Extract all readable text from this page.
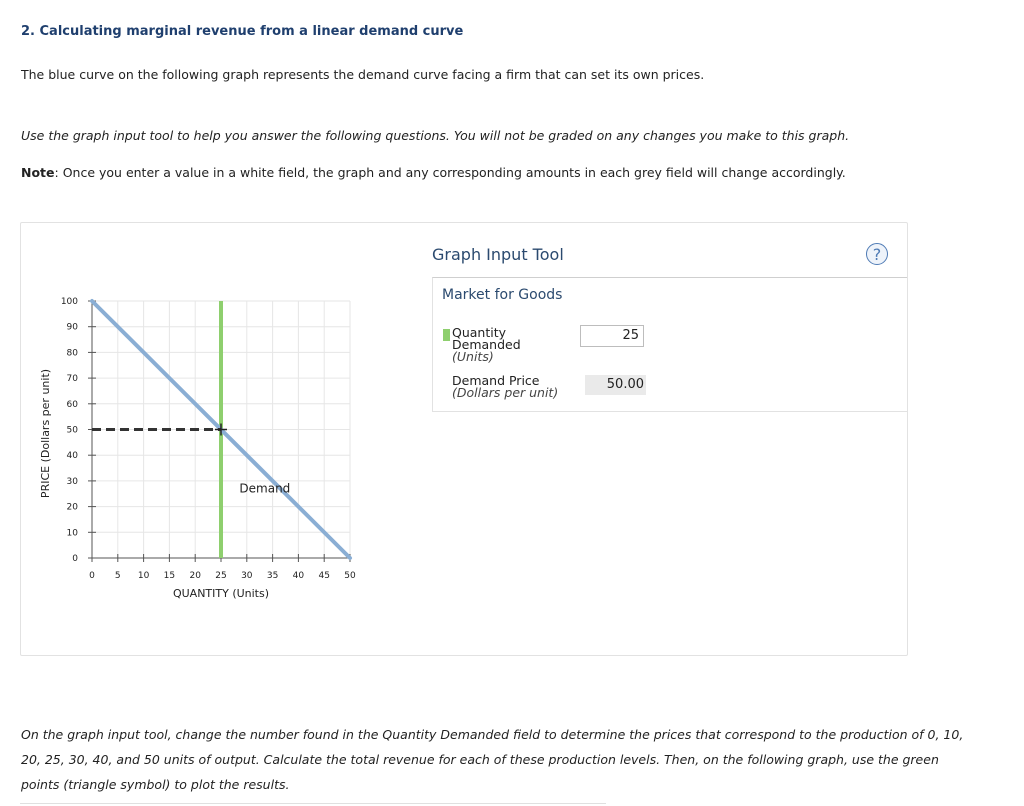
2. Calculating marginal revenue from a linear demand curve
The blue curve on the following graph represents the demand curve facing a firm that can set its own prices.
Use the graph input tool to help you answer the following questions. You will not be graded on any changes you make to this graph.
Note: Once you enter a value in a white field, the graph and any corresponding amounts in each grey field will change accordingly.
0 5 10 15 20 25 30 35 40 45 50
0
10
20
30
40
50
60
70
80
90
100
Demand
QUANTITY (Units)
PRICE (Dollars per unit)
Graph Input Tool	?
Market for Goods
Quantity Demanded
(Units)
25
Demand Price
(Dollars per unit)
50.00
On the graph input tool, change the number found in the Quantity Demanded field to determine the prices that correspond to the production of 0, 10, 20, 25, 30, 40, and 50 units of output. Calculate the total revenue for each of these production levels. Then, on the following graph, use the green points (triangle symbol) to plot the results.
